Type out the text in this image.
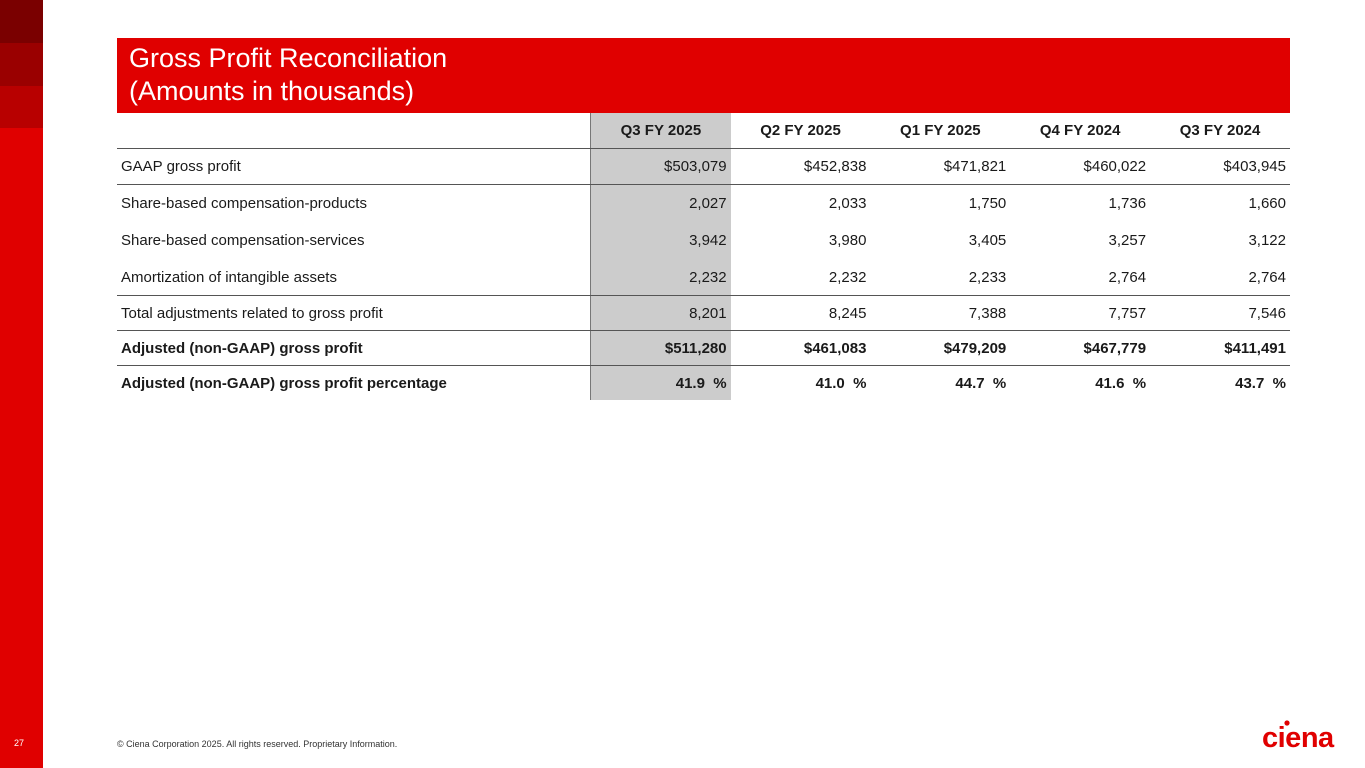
Gross Profit Reconciliation
(Amounts in thousands)
	Q3 FY 2025	Q2 FY 2025	Q1 FY 2025	Q4 FY 2024	Q3 FY 2024
GAAP gross profit	$503,079	$452,838	$471,821	$460,022	$403,945
Share-based compensation-products	2,027	2,033	1,750	1,736	1,660
Share-based compensation-services	3,942	3,980	3,405	3,257	3,122
Amortization of intangible assets	2,232	2,232	2,233	2,764	2,764
Total adjustments related to gross profit	8,201	8,245	7,388	7,757	7,546
Adjusted (non-GAAP) gross profit	$511,280	$461,083	$479,209	$467,779	$411,491
Adjusted (non-GAAP) gross profit percentage	41.9  %	41.0  %	44.7  %	41.6  %	43.7  %
27	© Ciena Corporation 2025. All rights reserved. Proprietary Information.	ciena
